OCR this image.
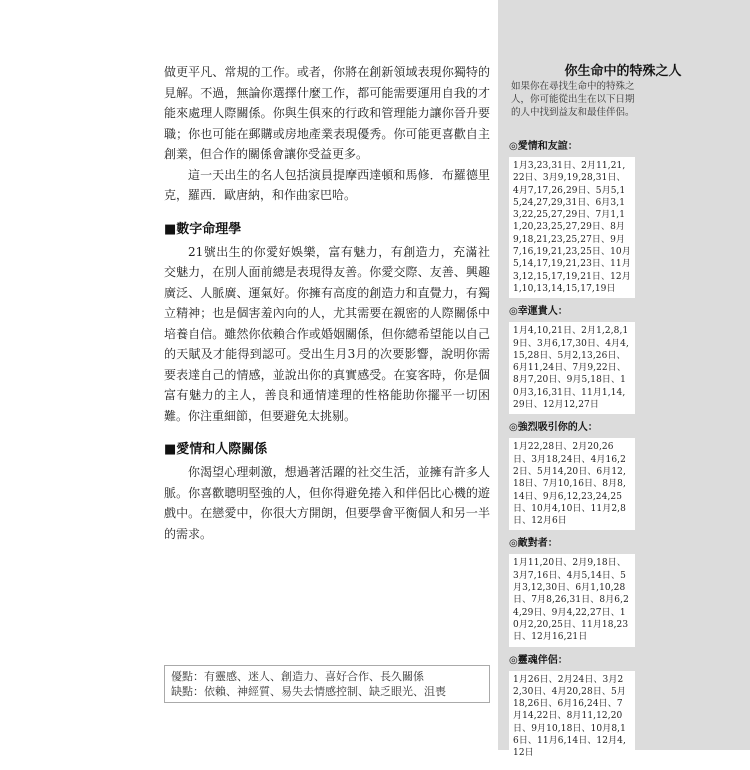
做更平凡、常規的工作。或者，你將在創新領域表現你獨特的見解。不過，無論你選擇什麼工作，都可能需要運用自我的才能來處理人際關係。你與生俱來的行政和管理能力讓你晉升要職；你也可能在郵購或房地產業表現優秀。你可能更喜歡自主創業，但合作的關係會讓你受益更多。

這一天出生的名人包括演員提摩西達頓和馬修．布羅德里克，羅西．歐唐納，和作曲家巴哈。

■數字命理學

21號出生的你愛好娛樂，富有魅力，有創造力，充滿社交魅力，在別人面前總是表現得友善。你愛交際、友善、興趣廣泛、人脈廣、運氣好。你擁有高度的創造力和直覺力，有獨立精神；也是個害羞內向的人，尤其需要在親密的人際關係中培養自信。雖然你依賴合作或婚姻關係，但你總希望能以自己的天賦及才能得到認可。受出生月3月的次要影響，說明你需要表達自己的情感，並說出你的真實感受。在宴客時，你是個富有魅力的主人，善良和通情達理的性格能助你擺平一切困難。你注重細節，但要避免太挑剔。

■愛情和人際關係

你渴望心理刺激，想過著活躍的社交生活，並擁有許多人脈。你喜歡聰明堅強的人，但你得避免捲入和伴侶比心機的遊戲中。在戀愛中，你很大方開朗，但要學會平衡個人和另一半的需求。

你生命中的特殊之人
如果你在尋找生命中的特殊之人，你可能從出生在以下日期的人中找到益友和最佳伴侶。
◎愛情和友誼：
1月3,23,31日、2月11,21,22日、3月9,19,28,31日、4月7,17,26,29日、5月5,15,24,27,29,31日、6月3,13,22,25,27,29日、7月1,11,20,23,25,27,29日、8月9,18,21,23,25,27日、9月7,16,19,21,23,25日、10月5,14,17,19,21,23日、11月3,12,15,17,19,21日、12月1,10,13,14,15,17,19日
◎幸運貴人：
1月4,10,21日、2月1,2,8,19日、3月6,17,30日、4月4,15,28日、5月2,13,26日、6月11,24日、7月9,22日、8月7,20日、9月5,18日、10月3,16,31日、11月1,14,29日、12月12,27日
◎強烈吸引你的人：
1月22,28日、2月20,26日、3月18,24日、4月16,22日、5月14,20日、6月12,18日、7月10,16日、8月8,14日、9月6,12,23,24,25日、10月4,10日、11月2,8日、12月6日
◎敵對者：
1月11,20日、2月9,18日、3月7,16日、4月5,14日、5月3,12,30日、6月1,10,28日、7月8,26,31日、8月6,24,29日、9月4,22,27日、10月2,20,25日、11月18,23日、12月16,21日
◎靈魂伴侶：
1月26日、2月24日、3月22,30日、4月20,28日、5月18,26日、6月16,24日、7月14,22日、8月11,12,20日、9月10,18日、10月8,16日、11月6,14日、12月4,12日
優點：有靈感、迷人、創造力、喜好合作、長久關係
缺點：依賴、神經質、易失去情感控制、缺乏眼光、沮喪
